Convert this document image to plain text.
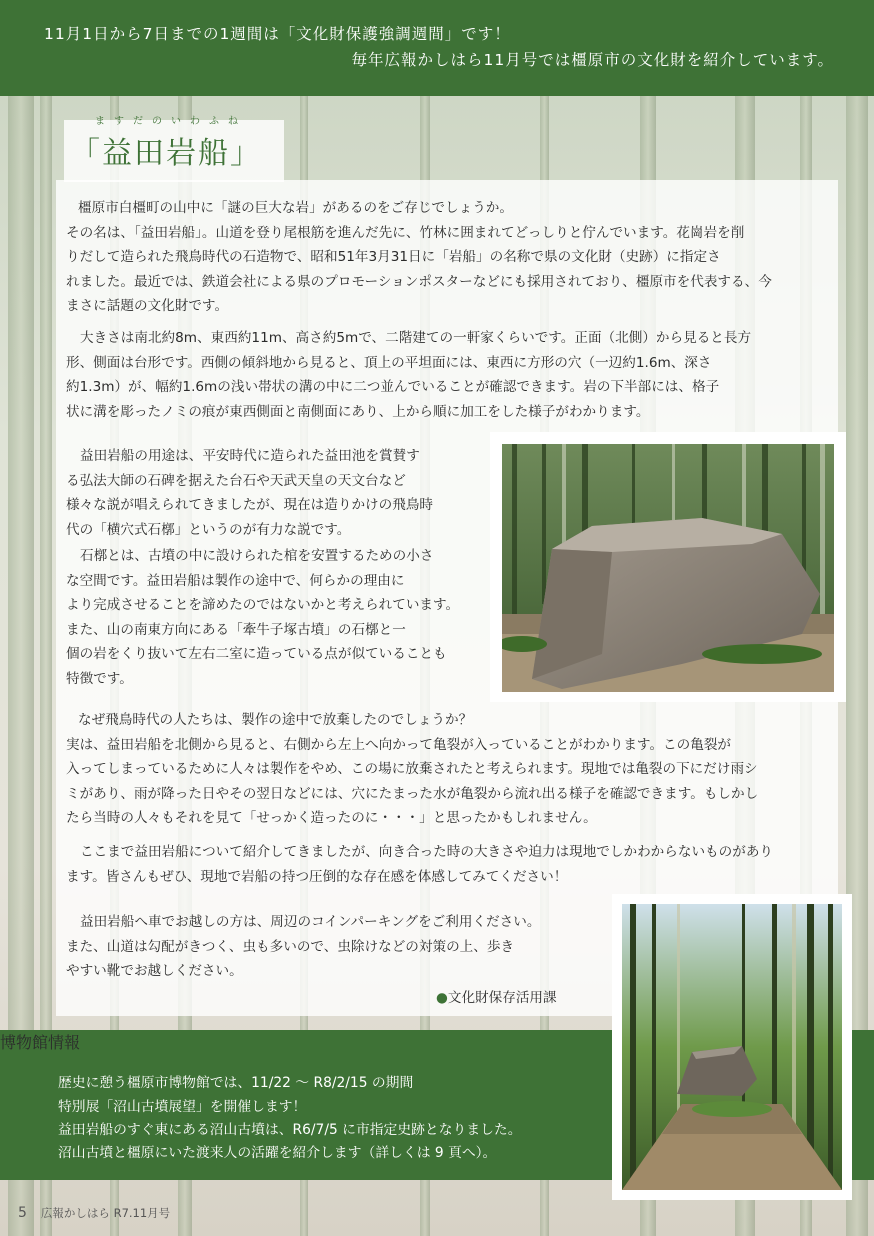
11月1日から7日までの1週間は「文化財保護強調週間」です！
毎年広報かしはら11月号では橿原市の文化財を紹介しています。
ますだのいわふね
「益田岩船」
橿原市白橿町の山中に「謎の巨大な岩」があるのをご存じでしょうか。
その名は、「益田岩船」。山道を登り尾根筋を進んだ先に、竹林に囲まれてどっしりと佇んでいます。花崗岩を削
りだして造られた飛鳥時代の石造物で、昭和51年3月31日に「岩船」の名称で県の文化財（史跡）に指定さ
れました。最近では、鉄道会社による県のプロモーションポスターなどにも採用されており、橿原市を代表する、今
まさに話題の文化財です。
大きさは南北約8m、東西約11m、高さ約5mで、二階建ての一軒家くらいです。正面（北側）から見ると長方
形、側面は台形です。西側の傾斜地から見ると、頂上の平坦面には、東西に方形の穴（一辺約1.6m、深さ
約1.3m）が、幅約1.6mの浅い帯状の溝の中に二つ並んでいることが確認できます。岩の下半部には、格子
状に溝を彫ったノミの痕が東西側面と南側面にあり、上から順に加工をした様子がわかります。
益田岩船の用途は、平安時代に造られた益田池を賞賛す
る弘法大師の石碑を据えた台石や天武天皇の天文台など
様々な説が唱えられてきましたが、現在は造りかけの飛鳥時
代の「横穴式石槨」というのが有力な説です。
石槨とは、古墳の中に設けられた棺を安置するための小さ
な空間です。益田岩船は製作の途中で、何らかの理由に
より完成させることを諦めたのではないかと考えられています。
また、山の南東方向にある「牽牛子塚古墳」の石槨と一
個の岩をくり抜いて左右二室に造っている点が似ていることも
特徴です。
なぜ飛鳥時代の人たちは、製作の途中で放棄したのでしょうか？
実は、益田岩船を北側から見ると、右側から左上へ向かって亀裂が入っていることがわかります。この亀裂が
入ってしまっているために人々は製作をやめ、この場に放棄されたと考えられます。現地では亀裂の下にだけ雨シ
ミがあり、雨が降った日やその翌日などには、穴にたまった水が亀裂から流れ出る様子を確認できます。もしかし
たら当時の人々もそれを見て「せっかく造ったのに・・・」と思ったかもしれません。
ここまで益田岩船について紹介してきましたが、向き合った時の大きさや迫力は現地でしかわからないものがあり
ます。皆さんもぜひ、現地で岩船の持つ圧倒的な存在感を体感してみてください！
益田岩船へ車でお越しの方は、周辺のコインパーキングをご利用ください。
また、山道は勾配がきつく、虫も多いので、虫除けなどの対策の上、歩き
やすい靴でお越しください。
●文化財保存活用課
博物館情報
歴史に憩う橿原市博物館では、11/22 ～ R8/2/15 の期間
特別展「沼山古墳展望」を開催します！
益田岩船のすぐ東にある沼山古墳は、R6/7/5 に市指定史跡となりました。
沼山古墳と橿原にいた渡来人の活躍を紹介します（詳しくは 9 頁へ）。
5 広報かしはら R7.11月号
